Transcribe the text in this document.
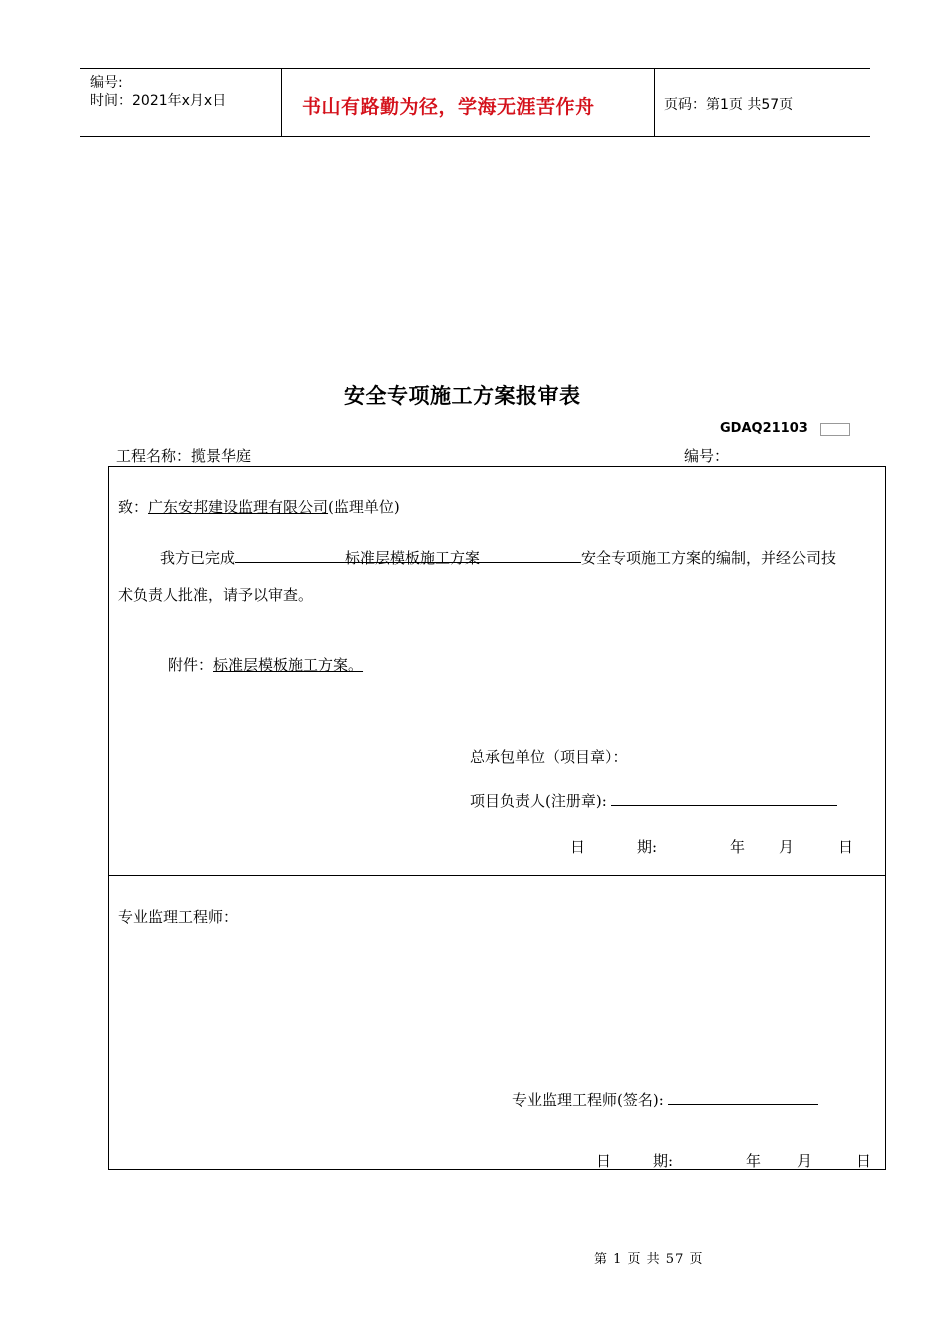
编号:
时间：2021年x月x日	书山有路勤为径，学海无涯苦作舟	页码：第1页 共57页
安全专项施工方案报审表
GDAQ21103
工程名称：揽景华庭	编号：
致：广东安邦建设监理有限公司(监理单位)
我方已完成	标准层模板施工方案	安全专项施工方案的编制，并经公司技
术负责人批准，请予以审查。
附件：标准层模板施工方案。
总承包单位（项目章）：
项目负责人(注册章):
日	期:	年 月	日
专业监理工程师：
专业监理工程师(签名):
日	期:	年 月	日
第 1 页 共 57 页
